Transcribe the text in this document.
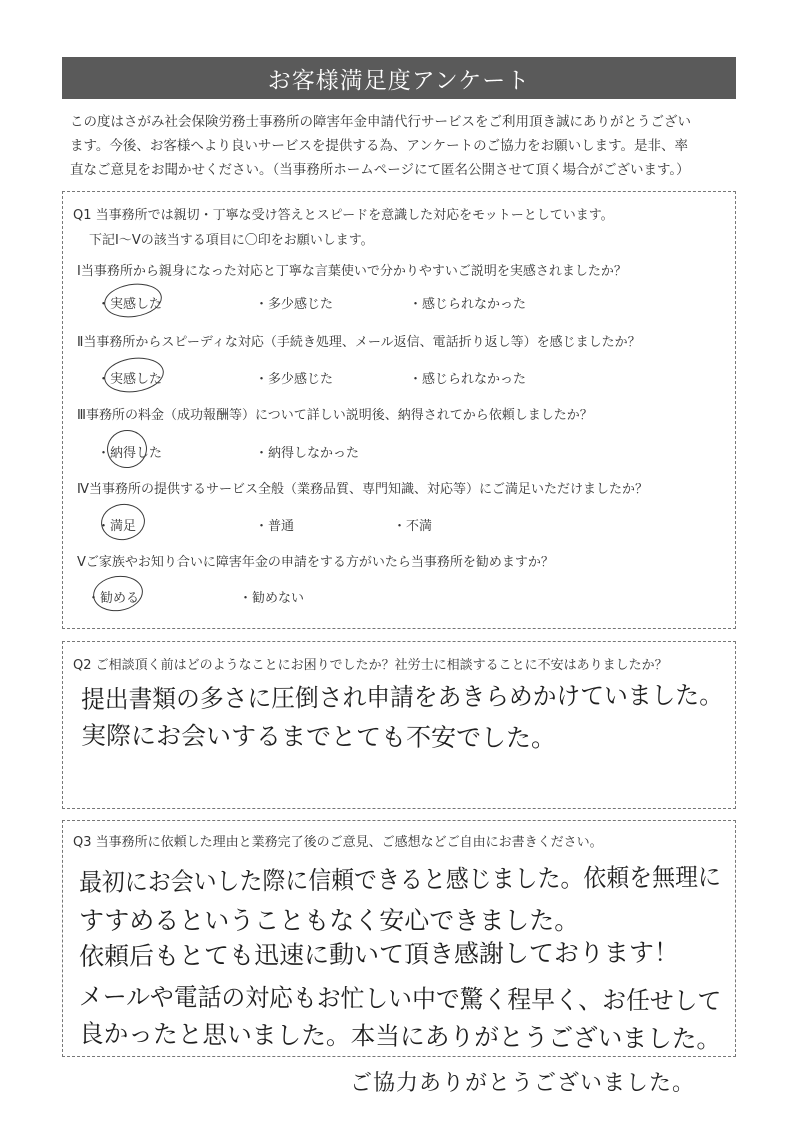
お客様満足度アンケート
この度はさがみ社会保険労務士事務所の障害年金申請代行サービスをご利用頂き誠にありがとうござい
ます。今後、お客様へより良いサービスを提供する為、アンケートのご協力をお願いします。是非、率
直なご意見をお聞かせください。（当事務所ホームページにて匿名公開させて頂く場合がございます。）
Q1 当事務所では親切・丁寧な受け答えとスピードを意識した対応をモットーとしています。
下記Ⅰ～Ⅴの該当する項目に〇印をお願いします。
Ⅰ当事務所から親身になった対応と丁寧な言葉使いで分かりやすいご説明を実感されましたか？
・実感した	・多少感じた	・感じられなかった
Ⅱ当事務所からスピーディな対応（手続き処理、メール返信、電話折り返し等）を感じましたか？
・実感した	・多少感じた	・感じられなかった
Ⅲ事務所の料金（成功報酬等）について詳しい説明後、納得されてから依頼しましたか？
・納得した	・納得しなかった
Ⅳ当事務所の提供するサービス全般（業務品質、専門知識、対応等）にご満足いただけましたか？
・満足	・普通	・不満
Ⅴご家族やお知り合いに障害年金の申請をする方がいたら当事務所を勧めますか？
・勧める	・勧めない
Q2 ご相談頂く前はどのようなことにお困りでしたか？社労士に相談することに不安はありましたか？
提出書類の多さに圧倒され申請をあきらめかけていました。
実際にお会いするまでとても不安でした。
Q3 当事務所に依頼した理由と業務完了後のご意見、ご感想などご自由にお書きください。
最初にお会いした際に信頼できると感じました。依頼を無理に
すすめるということもなく安心できました。
依頼后もとても迅速に動いて頂き感謝しております！
メールや電話の対応もお忙しい中で驚く程早く、お任せして
良かったと思いました。本当にありがとうございました。
ご協力ありがとうございました。
